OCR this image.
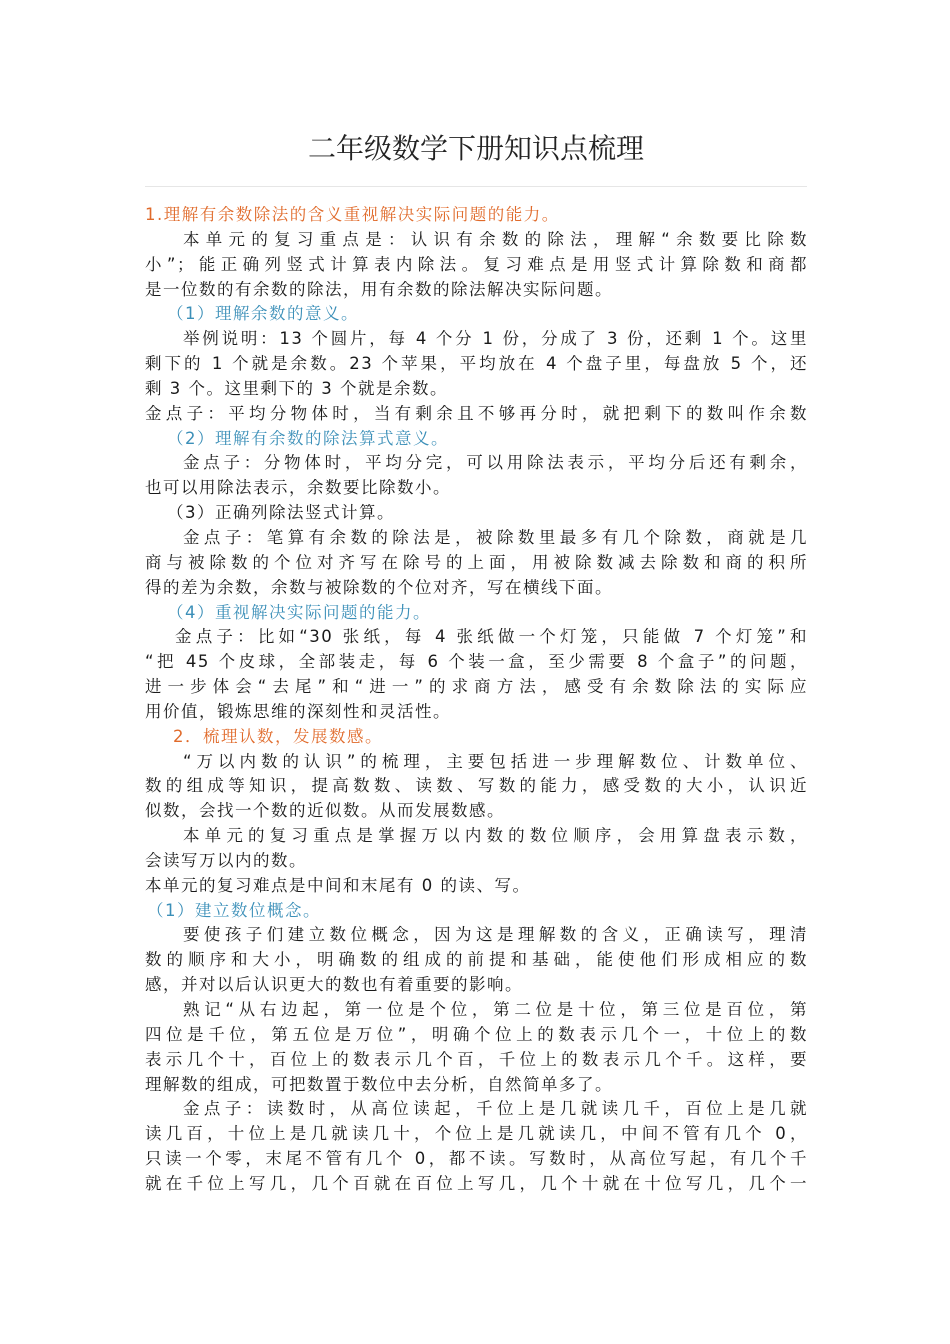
二年级数学下册知识点梳理
1.理解有余数除法的含义重视解决实际问题的能力。
本单元的复习重点是：认识有余数的除法，理解“余数要比除数
小”；能正确列竖式计算表内除法。复习难点是用竖式计算除数和商都
是一位数的有余数的除法，用有余数的除法解决实际问题。
（1）理解余数的意义。
举例说明：13 个圆片，每 4 个分 1 份，分成了 3 份，还剩 1 个。这里
剩下的 1 个就是余数。23 个苹果，平均放在 4 个盘子里，每盘放 5 个，还
剩 3 个。这里剩下的 3 个就是余数。
金点子：平均分物体时，当有剩余且不够再分时，就把剩下的数叫作余数
（2）理解有余数的除法算式意义。
金点子：分物体时，平均分完，可以用除法表示，平均分后还有剩余，
也可以用除法表示，余数要比除数小。
（3）正确列除法竖式计算。
金点子：笔算有余数的除法是，被除数里最多有几个除数，商就是几
商与被除数的个位对齐写在除号的上面，用被除数减去除数和商的积所
得的差为余数，余数与被除数的个位对齐，写在横线下面。
（4）重视解决实际问题的能力。
金点子：比如“30 张纸，每 4 张纸做一个灯笼，只能做 7 个灯笼”和
“把 45 个皮球，全部装走，每 6 个装一盒，至少需要 8 个盒子”的问题，
进一步体会“去尾”和“进一”的求商方法，感受有余数除法的实际应
用价值，锻炼思维的深刻性和灵活性。
2．梳理认数，发展数感。
“万以内数的认识”的梳理，主要包括进一步理解数位、计数单位、
数的组成等知识，提高数数、读数、写数的能力，感受数的大小，认识近
似数，会找一个数的近似数。从而发展数感。
本单元的复习重点是掌握万以内数的数位顺序，会用算盘表示数，
会读写万以内的数。
本单元的复习难点是中间和末尾有 0 的读、写。
（1）建立数位概念。
要使孩子们建立数位概念，因为这是理解数的含义，正确读写，理清
数的顺序和大小，明确数的组成的前提和基础，能使他们形成相应的数
感，并对以后认识更大的数也有着重要的影响。
熟记“从右边起，第一位是个位，第二位是十位，第三位是百位，第
四位是千位，第五位是万位”，明确个位上的数表示几个一，十位上的数
表示几个十，百位上的数表示几个百，千位上的数表示几个千。这样，要
理解数的组成，可把数置于数位中去分析，自然简单多了。
金点子：读数时，从高位读起，千位上是几就读几千，百位上是几就
读几百，十位上是几就读几十，个位上是几就读几，中间不管有几个 0，
只读一个零，末尾不管有几个 0，都不读。写数时，从高位写起，有几个千
就在千位上写几，几个百就在百位上写几，几个十就在十位写几，几个一
